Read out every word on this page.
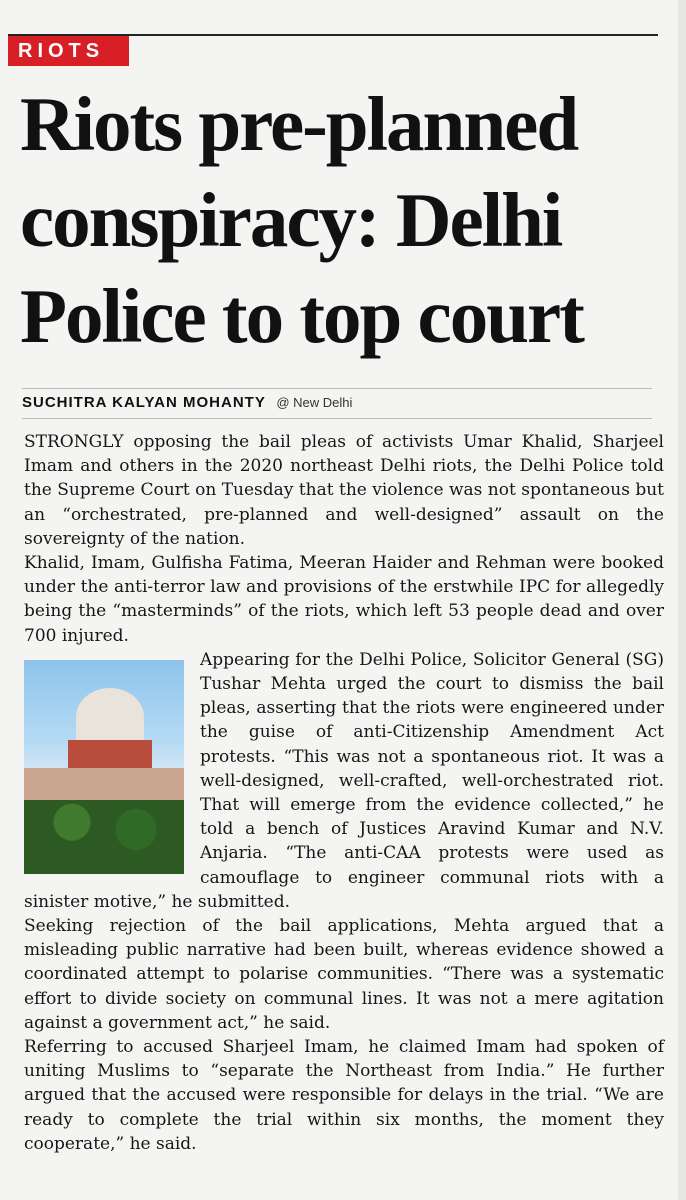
RIOTS
Riots pre-planned conspiracy: Delhi Police to top court
SUCHITRA KALYAN MOHANTY @ New Delhi

STRONGLY opposing the bail pleas of activists Umar Khalid, Sharjeel Imam and others in the 2020 northeast Delhi riots, the Delhi Police told the Supreme Court on Tuesday that the violence was not spontaneous but an “orchestrated, pre-planned and well-designed” assault on the sovereignty of the nation.

Khalid, Imam, Gulfisha Fatima, Meeran Haider and Rehman were booked under the anti-terror law and provisions of the erstwhile IPC for allegedly being the “masterminds” of the riots, which left 53 people dead and over 700 injured.

Appearing for the Delhi Police, Solicitor General (SG) Tushar Mehta urged the court to dismiss the bail pleas, asserting that the riots were engineered under the guise of anti-Citizenship Amendment Act protests. “This was not a spontaneous riot. It was a well-designed, well-crafted, well-orchestrated riot. That will emerge from the evidence collected,” he told a bench of Justices Aravind Kumar and N.V. Anjaria. “The anti-CAA protests were used as camouflage to engineer communal riots with a sinister motive,” he submitted.

Seeking rejection of the bail applications, Mehta argued that a misleading public narrative had been built, whereas evidence showed a coordinated attempt to polarise communities. “There was a systematic effort to divide society on communal lines. It was not a mere agitation against a government act,” he said.

Referring to accused Sharjeel Imam, he claimed Imam had spoken of uniting Muslims to “separate the Northeast from India.” He further argued that the accused were responsible for delays in the trial. “We are ready to complete the trial within six months, the moment they cooperate,” he said.
